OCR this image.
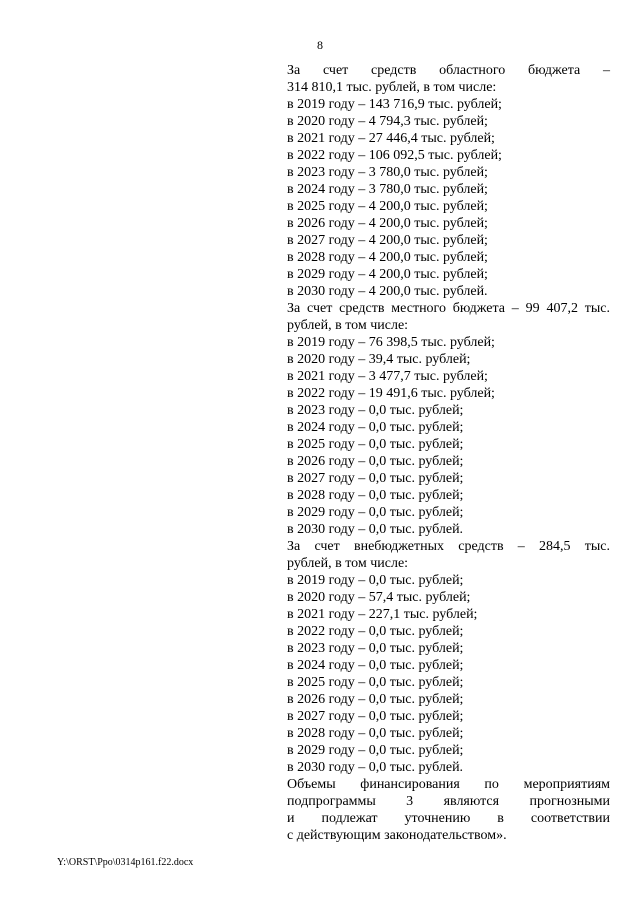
8
За счет средств областного бюджета –
314 810,1 тыс. рублей, в том числе:
в 2019 году – 143 716,9 тыс. рублей;
в 2020 году – 4 794,3 тыс. рублей;
в 2021 году – 27 446,4 тыс. рублей;
в 2022 году – 106 092,5 тыс. рублей;
в 2023 году – 3 780,0 тыс. рублей;
в 2024 году – 3 780,0 тыс. рублей;
в 2025 году – 4 200,0 тыс. рублей;
в 2026 году – 4 200,0 тыс. рублей;
в 2027 году – 4 200,0 тыс. рублей;
в 2028 году – 4 200,0 тыс. рублей;
в 2029 году – 4 200,0 тыс. рублей;
в 2030 году – 4 200,0 тыс. рублей.
За счет средств местного бюджета – 99 407,2 тыс.
рублей, в том числе:
в 2019 году – 76 398,5 тыс. рублей;
в 2020 году – 39,4 тыс. рублей;
в 2021 году – 3 477,7 тыс. рублей;
в 2022 году – 19 491,6 тыс. рублей;
в 2023 году – 0,0 тыс. рублей;
в 2024 году – 0,0 тыс. рублей;
в 2025 году – 0,0 тыс. рублей;
в 2026 году – 0,0 тыс. рублей;
в 2027 году – 0,0 тыс. рублей;
в 2028 году – 0,0 тыс. рублей;
в 2029 году – 0,0 тыс. рублей;
в 2030 году – 0,0 тыс. рублей.
За счет внебюджетных средств – 284,5 тыс.
рублей, в том числе:
в 2019 году – 0,0 тыс. рублей;
в 2020 году – 57,4 тыс. рублей;
в 2021 году – 227,1 тыс. рублей;
в 2022 году – 0,0 тыс. рублей;
в 2023 году – 0,0 тыс. рублей;
в 2024 году – 0,0 тыс. рублей;
в 2025 году – 0,0 тыс. рублей;
в 2026 году – 0,0 тыс. рублей;
в 2027 году – 0,0 тыс. рублей;
в 2028 году – 0,0 тыс. рублей;
в 2029 году – 0,0 тыс. рублей;
в 2030 году – 0,0 тыс. рублей.
Объемы финансирования по мероприятиям
подпрограммы 3 являются прогнозными
и подлежат уточнению в соответствии
с действующим законодательством».
Y:\ORST\Ppo\0314p161.f22.docx
